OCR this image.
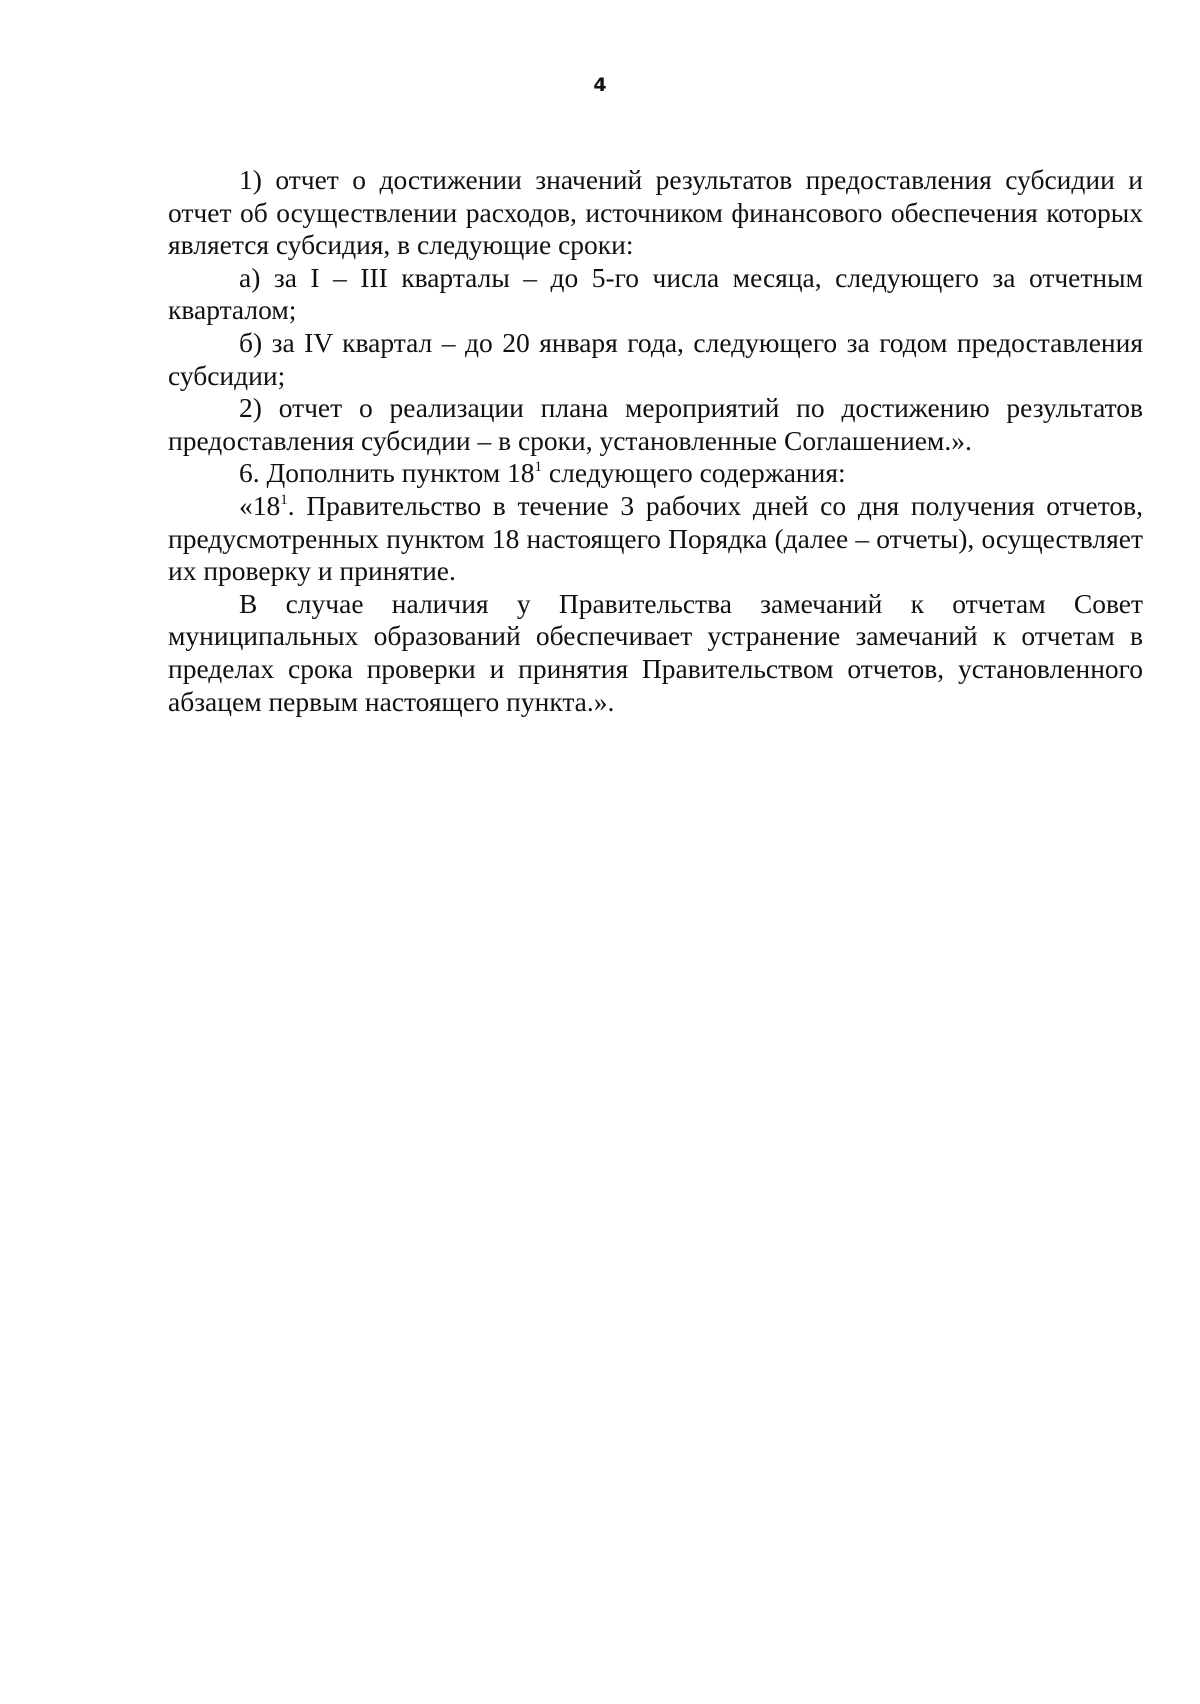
4

1) отчет о достижении значений результатов предоставления субсидии и отчет об осуществлении расходов, источником финансового обеспечения которых является субсидия, в следующие сроки:

а) за I – III кварталы – до 5-го числа месяца, следующего за отчетным кварталом;

б) за IV квартал – до 20 января года, следующего за годом предоставления субсидии;

2) отчет о реализации плана мероприятий по достижению результатов предоставления субсидии – в сроки, установленные Соглашением.».

6. Дополнить пунктом $18^1$ следующего содержания:

«$18^1$. Правительство в течение 3 рабочих дней со дня получения отчетов, предусмотренных пунктом 18 настоящего Порядка (далее – отчеты), осуществляет их проверку и принятие.

В случае наличия у Правительства замечаний к отчетам Совет муниципальных образований обеспечивает устранение замечаний к отчетам в пределах срока проверки и принятия Правительством отчетов, установленного абзацем первым настоящего пункта.».
